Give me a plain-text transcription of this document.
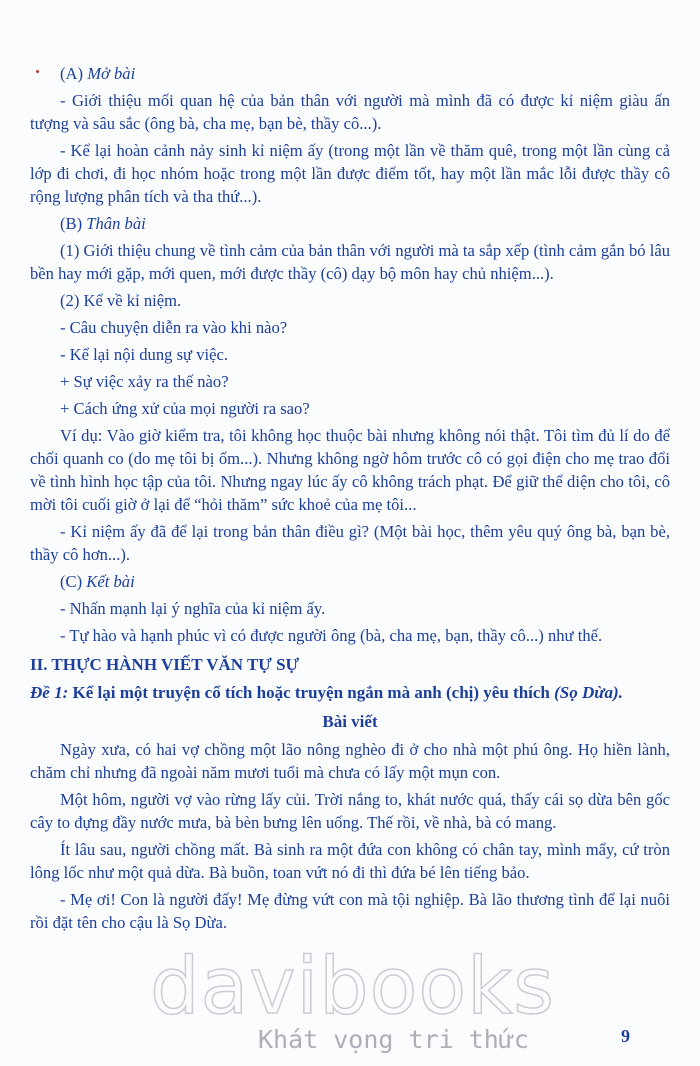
(A) Mở bài

- Giới thiệu mối quan hệ của bản thân với người mà mình đã có được kỉ niệm giàu ấn tượng và sâu sắc (ông bà, cha mẹ, bạn bè, thầy cô...).

- Kể lại hoàn cảnh nảy sinh kỉ niệm ấy (trong một lần về thăm quê, trong một lần cùng cả lớp đi chơi, đi học nhóm hoặc trong một lần được điểm tốt, hay một lần mắc lỗi được thầy cô rộng lượng phân tích và tha thứ...).

(B) Thân bài

(1) Giới thiệu chung về tình cảm của bản thân với người mà ta sắp xếp (tình cảm gắn bó lâu bền hay mới gặp, mới quen, mới được thầy (cô) dạy bộ môn hay chủ nhiệm...).

(2) Kể về kỉ niệm.

- Câu chuyện diễn ra vào khi nào?

- Kể lại nội dung sự việc.

+ Sự việc xảy ra thế nào?

+ Cách ứng xử của mọi người ra sao?

Ví dụ: Vào giờ kiểm tra, tôi không học thuộc bài nhưng không nói thật. Tôi tìm đủ lí do để chối quanh co (do mẹ tôi bị ốm...). Nhưng không ngờ hôm trước cô có gọi điện cho mẹ trao đổi về tình hình học tập của tôi. Nhưng ngay lúc ấy cô không trách phạt. Để giữ thể diện cho tôi, cô mời tôi cuối giờ ở lại để “hỏi thăm” sức khoẻ của mẹ tôi...

- Kỉ niệm ấy đã để lại trong bản thân điều gì? (Một bài học, thêm yêu quý ông bà, bạn bè, thầy cô hơn...).

(C) Kết bài

- Nhấn mạnh lại ý nghĩa của kỉ niệm ấy.

- Tự hào và hạnh phúc vì có được người ông (bà, cha mẹ, bạn, thầy cô...) như thế.

II. THỰC HÀNH VIẾT VĂN TỰ SỰ
Đề 1: Kể lại một truyện cổ tích hoặc truyện ngắn mà anh (chị) yêu thích (Sọ Dừa).
Bài viết

Ngày xưa, có hai vợ chồng một lão nông nghèo đi ở cho nhà một phú ông. Họ hiền lành, chăm chỉ nhưng đã ngoài năm mươi tuổi mà chưa có lấy một mụn con.

Một hôm, người vợ vào rừng lấy củi. Trời nắng to, khát nước quá, thấy cái sọ dừa bên gốc cây to đựng đầy nước mưa, bà bèn bưng lên uống. Thế rồi, về nhà, bà có mang.

Ít lâu sau, người chồng mất. Bà sinh ra một đứa con không có chân tay, mình mẩy, cứ tròn lông lốc như một quả dừa. Bà buồn, toan vứt nó đi thì đứa bé lên tiếng bảo.

- Mẹ ơi! Con là người đấy! Mẹ đừng vứt con mà tội nghiệp. Bà lão thương tình để lại nuôi rồi đặt tên cho cậu là Sọ Dừa.

davibooks
Khát vọng tri thức	9
